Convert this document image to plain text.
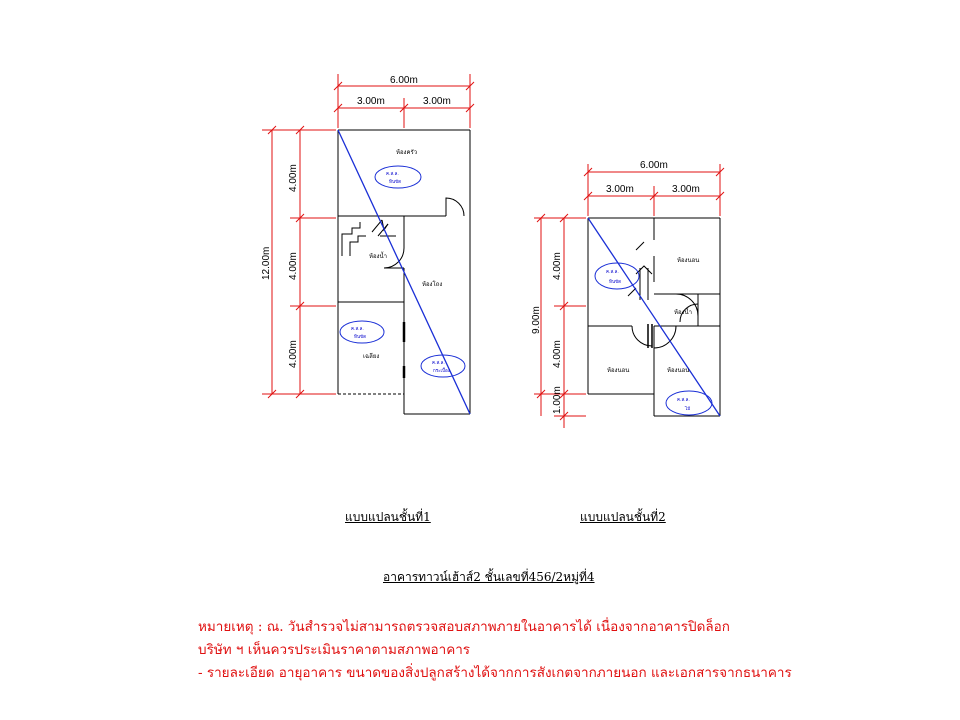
6.00m
3.00m	3.00m
12.00m
4.00m
4.00m
4.00m
ห้องครัว
ห้องน้ำ
ห้องโถง
เฉลียง
ค.ส.ล.
หินขัด
ค.ส.ล.
หินขัด
ค.ส.ล.
กระเบื้อง
6.00m
3.00m	3.00m
9.00m
4.00m
4.00m
1.00m
ห้องนอน
ห้องน้ำ
ห้องนอน	ห้องนอน
ค.ส.ล.
หินขัด
ค.ส.ล.
ไม้
แบบแปลนชั้นที่1	แบบแปลนชั้นที่2
อาคารทาวน์เฮ้าส์2 ชั้นเลขที่456/2หมู่ที่4
หมายเหตุ : ณ. วันสำรวจไม่สามารถตรวจสอบสภาพภายในอาคารได้ เนื่องจากอาคารปิดล็อก
บริษัท ฯ เห็นควรประเมินราคาตามสภาพอาคาร
- รายละเอียด อายุอาคาร ขนาดของสิ่งปลูกสร้างได้จากการสังเกตจากภายนอก และเอกสารจากธนาคาร
